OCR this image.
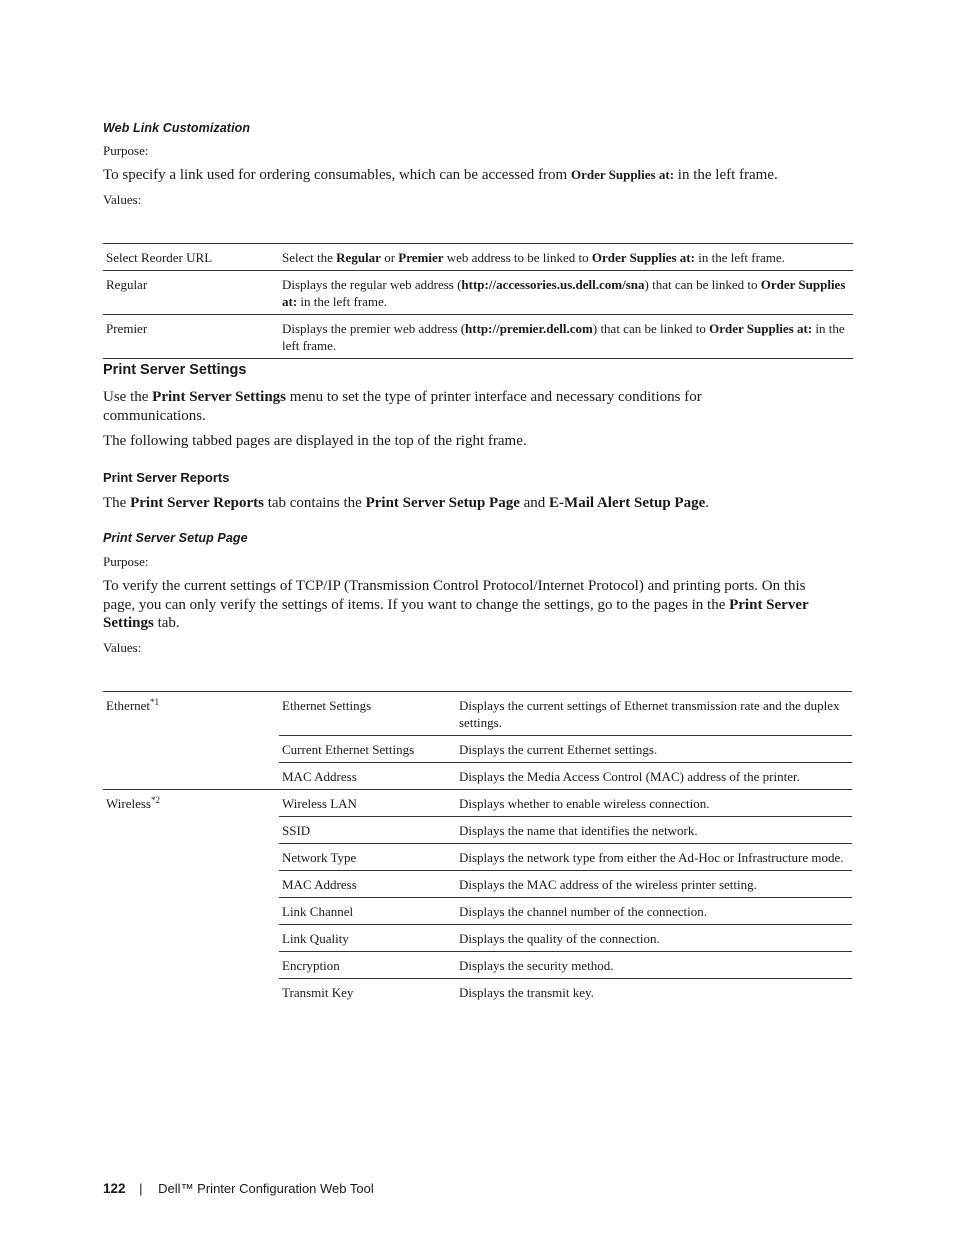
Web Link Customization
Purpose:
To specify a link used for ordering consumables, which can be accessed from Order Supplies at: in the left frame.
Values:
Select Reorder URL	Select the Regular or Premier web address to be linked to Order Supplies at: in the left frame.
Regular	Displays the regular web address (http://accessories.us.dell.com/sna) that can be linked to Order Supplies at: in the left frame.
Premier	Displays the premier web address (http://premier.dell.com) that can be linked to Order Supplies at: in the left frame.
Print Server Settings
Use the Print Server Settings menu to set the type of printer interface and necessary conditions for communications.
The following tabbed pages are displayed in the top of the right frame.
Print Server Reports
The Print Server Reports tab contains the Print Server Setup Page and E-Mail Alert Setup Page.
Print Server Setup Page
Purpose:
To verify the current settings of TCP/IP (Transmission Control Protocol/Internet Protocol) and printing ports. On this page, you can only verify the settings of items. If you want to change the settings, go to the pages in the Print Server Settings tab.
Values:
Ethernet$^{*1}$	Ethernet Settings	Displays the current settings of Ethernet transmission rate and the duplex settings.
	Current Ethernet Settings	Displays the current Ethernet settings.
	MAC Address	Displays the Media Access Control (MAC) address of the printer.
Wireless$^{*2}$	Wireless LAN	Displays whether to enable wireless connection.
	SSID	Displays the name that identifies the network.
	Network Type	Displays the network type from either the Ad-Hoc or Infrastructure mode.
	MAC Address	Displays the MAC address of the wireless printer setting.
	Link Channel	Displays the channel number of the connection.
	Link Quality	Displays the quality of the connection.
	Encryption	Displays the security method.
	Transmit Key	Displays the transmit key.
122 | Dell™ Printer Configuration Web Tool
